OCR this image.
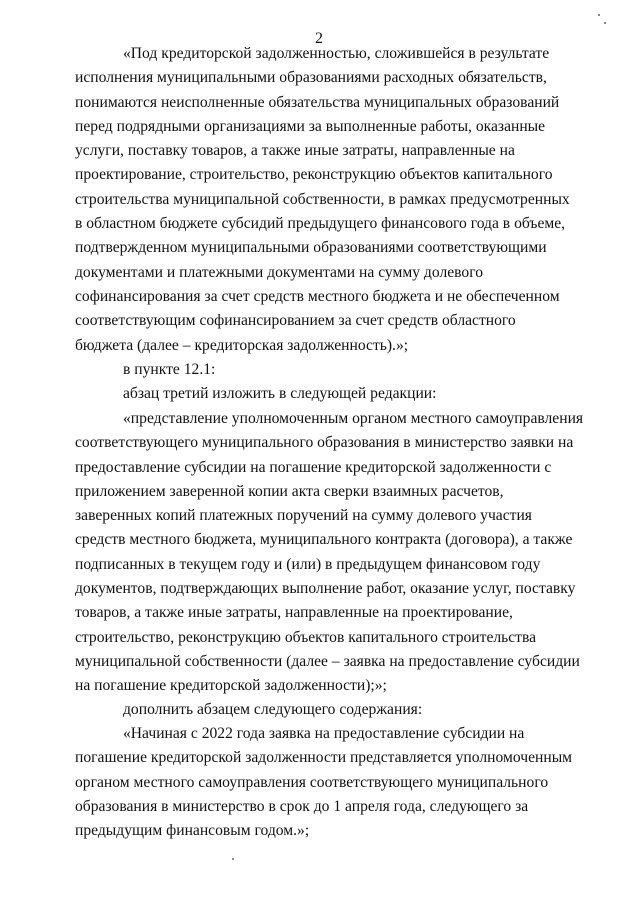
2
«Под кредиторской задолженностью, сложившейся в результате
исполнения муниципальными образованиями расходных обязательств,
понимаются неисполненные обязательства муниципальных образований
перед подрядными организациями за выполненные работы, оказанные
услуги, поставку товаров, а также иные затраты, направленные на
проектирование, строительство, реконструкцию объектов капитального
строительства муниципальной собственности, в рамках предусмотренных
в областном бюджете субсидий предыдущего финансового года в объеме,
подтвержденном муниципальными образованиями соответствующими
документами и платежными документами на сумму долевого
софинансирования за счет средств местного бюджета и не обеспеченном
соответствующим софинансированием за счет средств областного
бюджета (далее – кредиторская задолженность).»;
в пункте 12.1:
абзац третий изложить в следующей редакции:
«представление уполномоченным органом местного самоуправления
соответствующего муниципального образования в министерство заявки на
предоставление субсидии на погашение кредиторской задолженности с
приложением заверенной копии акта сверки взаимных расчетов,
заверенных копий платежных поручений на сумму долевого участия
средств местного бюджета, муниципального контракта (договора), а также
подписанных в текущем году и (или) в предыдущем финансовом году
документов, подтверждающих выполнение работ, оказание услуг, поставку
товаров, а также иные затраты, направленные на проектирование,
строительство, реконструкцию объектов капитального строительства
муниципальной собственности (далее – заявка на предоставление субсидии
на погашение кредиторской задолженности);»;
дополнить абзацем следующего содержания:
«Начиная с 2022 года заявка на предоставление субсидии на
погашение кредиторской задолженности представляется уполномоченным
органом местного самоуправления соответствующего муниципального
образования в министерство в срок до 1 апреля года, следующего за
предыдущим финансовым годом.»;
